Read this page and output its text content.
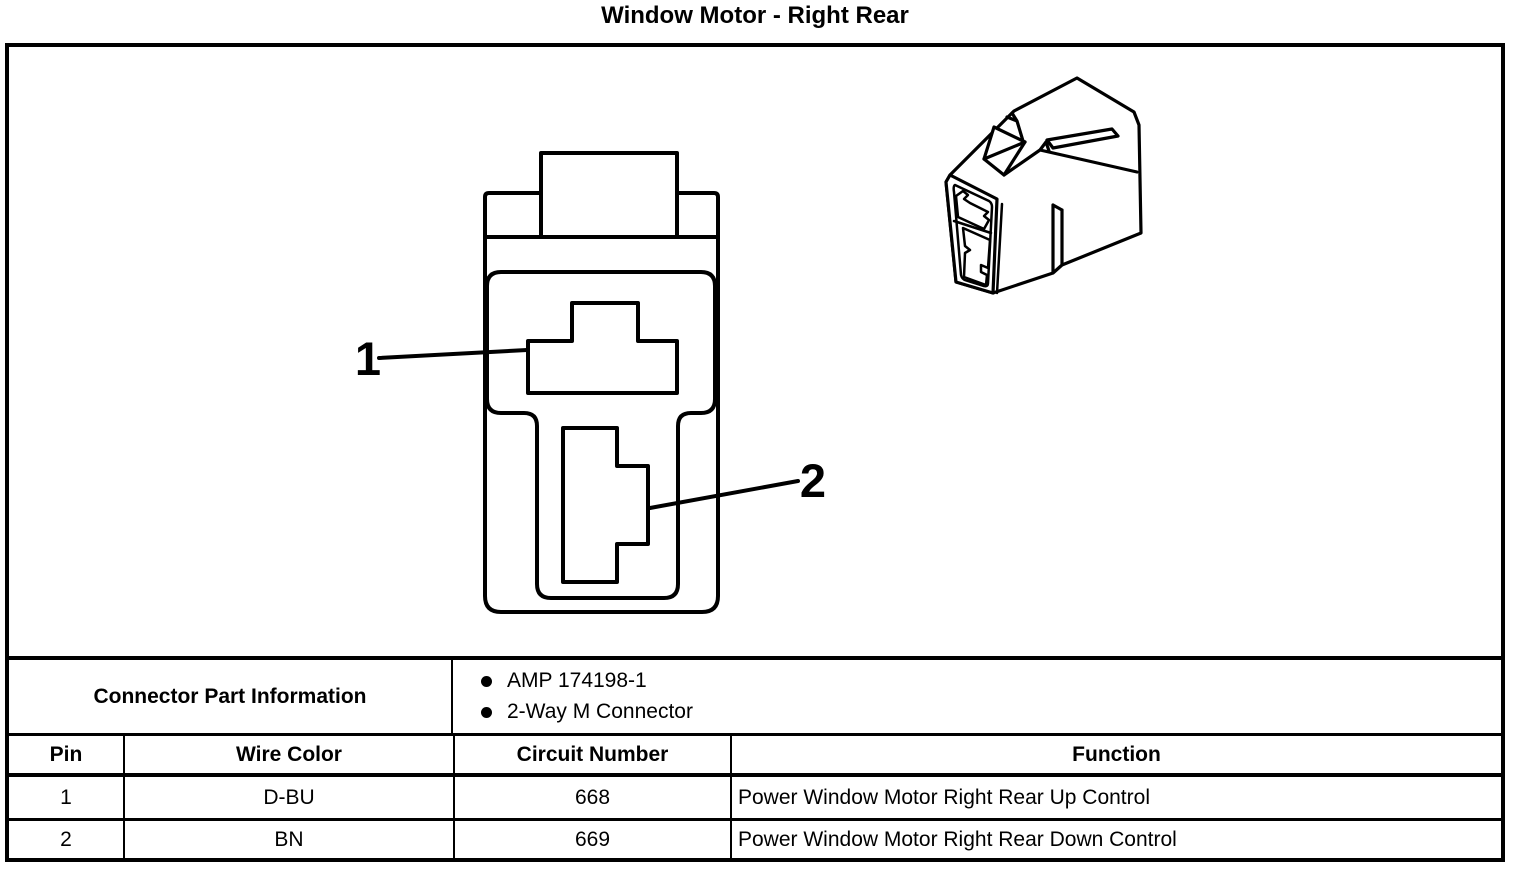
Window Motor - Right Rear
1
2
Connector Part Information
AMP 174198-1
2-Way M Connector
Pin	Wire Color	Circuit Number	Function
1	D-BU	668	Power Window Motor Right Rear Up Control
2	BN	669	Power Window Motor Right Rear Down Control
